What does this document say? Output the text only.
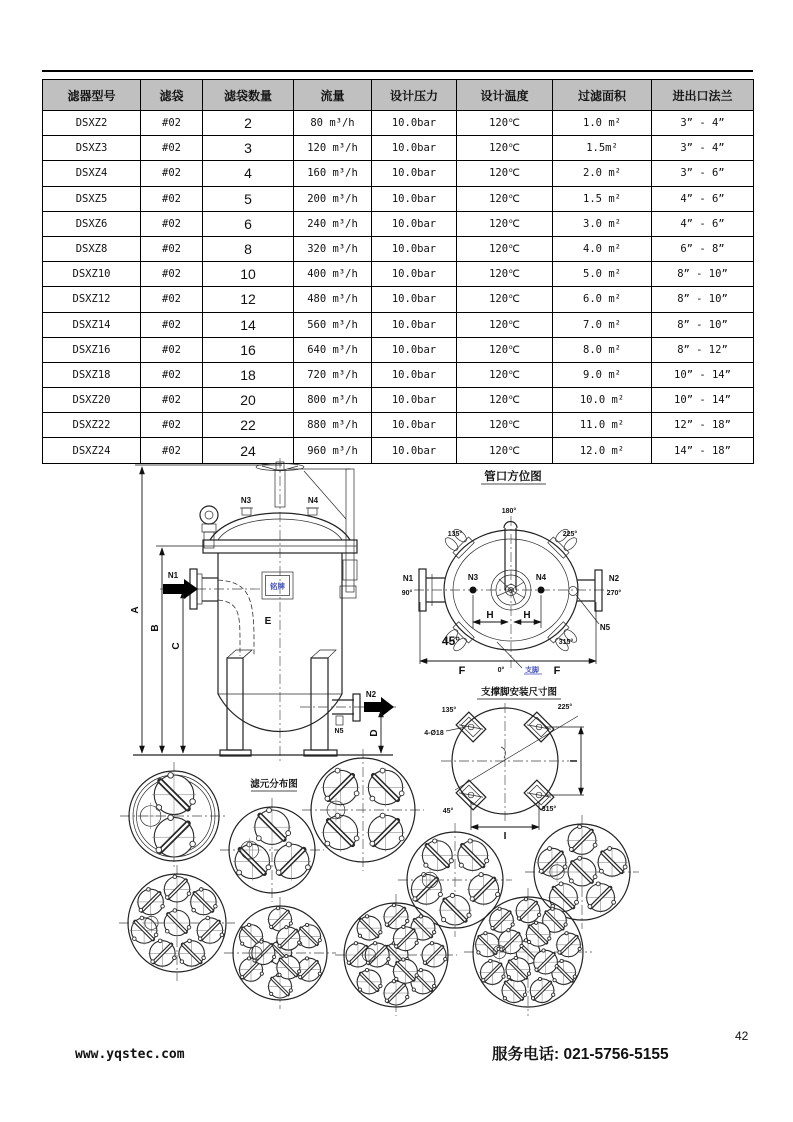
滤器型号	滤袋	滤袋数量	流量	设计压力	设计温度	过滤面积	进出口法兰
DSXZ2	#02	2	80 m³/h	10.0bar	120℃	1.0 m²	3” - 4”
DSXZ3	#02	3	120 m³/h	10.0bar	120℃	1.5m²	3” - 4”
DSXZ4	#02	4	160 m³/h	10.0bar	120℃	2.0 m²	3” - 6”
DSXZ5	#02	5	200 m³/h	10.0bar	120℃	1.5 m²	4” - 6”
DSXZ6	#02	6	240 m³/h	10.0bar	120℃	3.0 m²	4” - 6”
DSXZ8	#02	8	320 m³/h	10.0bar	120℃	4.0 m²	6” - 8”
DSXZ10	#02	10	400 m³/h	10.0bar	120℃	5.0 m²	8” - 10”
DSXZ12	#02	12	480 m³/h	10.0bar	120℃	6.0 m²	8” - 10”
DSXZ14	#02	14	560 m³/h	10.0bar	120℃	7.0 m²	8” - 10”
DSXZ16	#02	16	640 m³/h	10.0bar	120℃	8.0 m²	8” - 12”
DSXZ18	#02	18	720 m³/h	10.0bar	120℃	9.0 m²	10” - 14”
DSXZ20	#02	20	800 m³/h	10.0bar	120℃	10.0 m²	10” - 14”
DSXZ22	#02	22	880 m³/h	10.0bar	120℃	11.0 m²	12” - 18”
DSXZ24	#02	24	960 m³/h	10.0bar	120℃	12.0 m²	14” - 18”
A
B
C
N3	N4
铭牌
E
N1
N2
N5	D
管口方位图
180°
135°	225°
45°	315°
N1
90°
N2
270°
N3	N4
H	H
N5
F	F
0°	支脚
支撑脚安装尺寸图
135°	225°
45°	315°
4-Ø18
I
I
滤元分布图
www.yqstec.com	服务电话: 021-5756-5155
42
